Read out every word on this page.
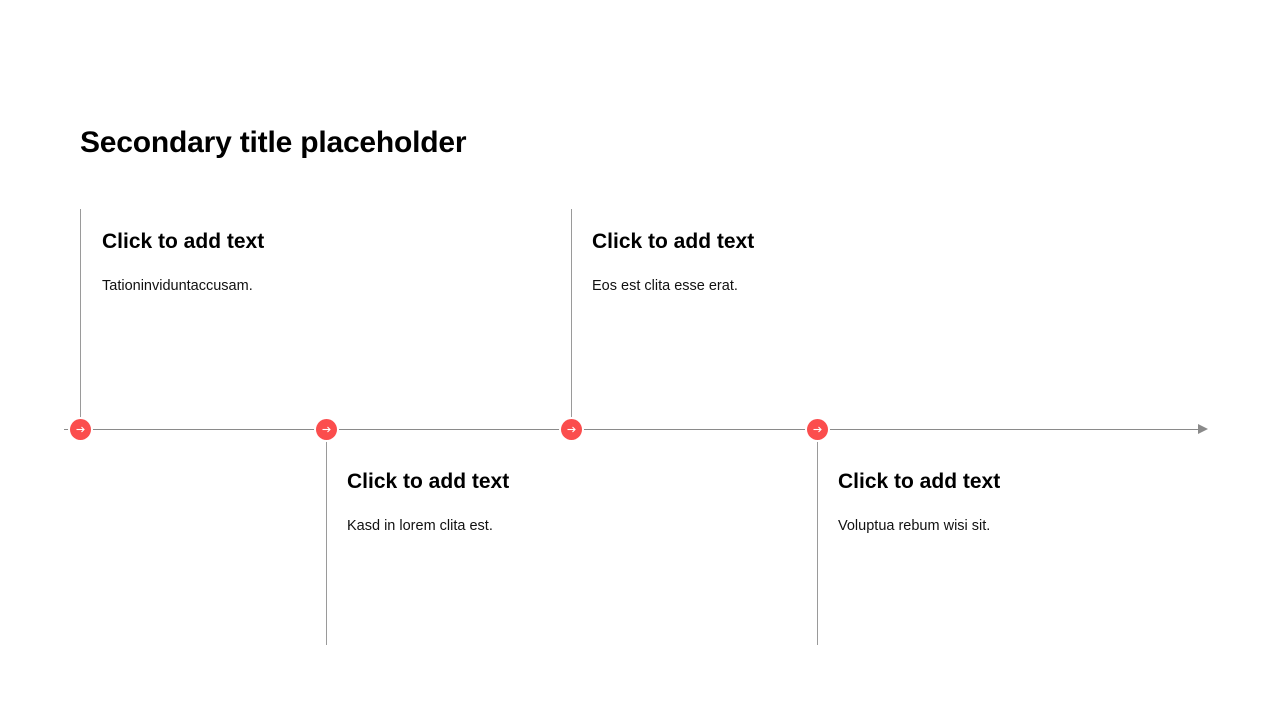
Secondary title placeholder
Click to add text

Tationinviduntaccusam.

Click to add text

Eos est clita esse erat.

Click to add text

Kasd in lorem clita est.

Click to add text

Voluptua rebum wisi sit.
